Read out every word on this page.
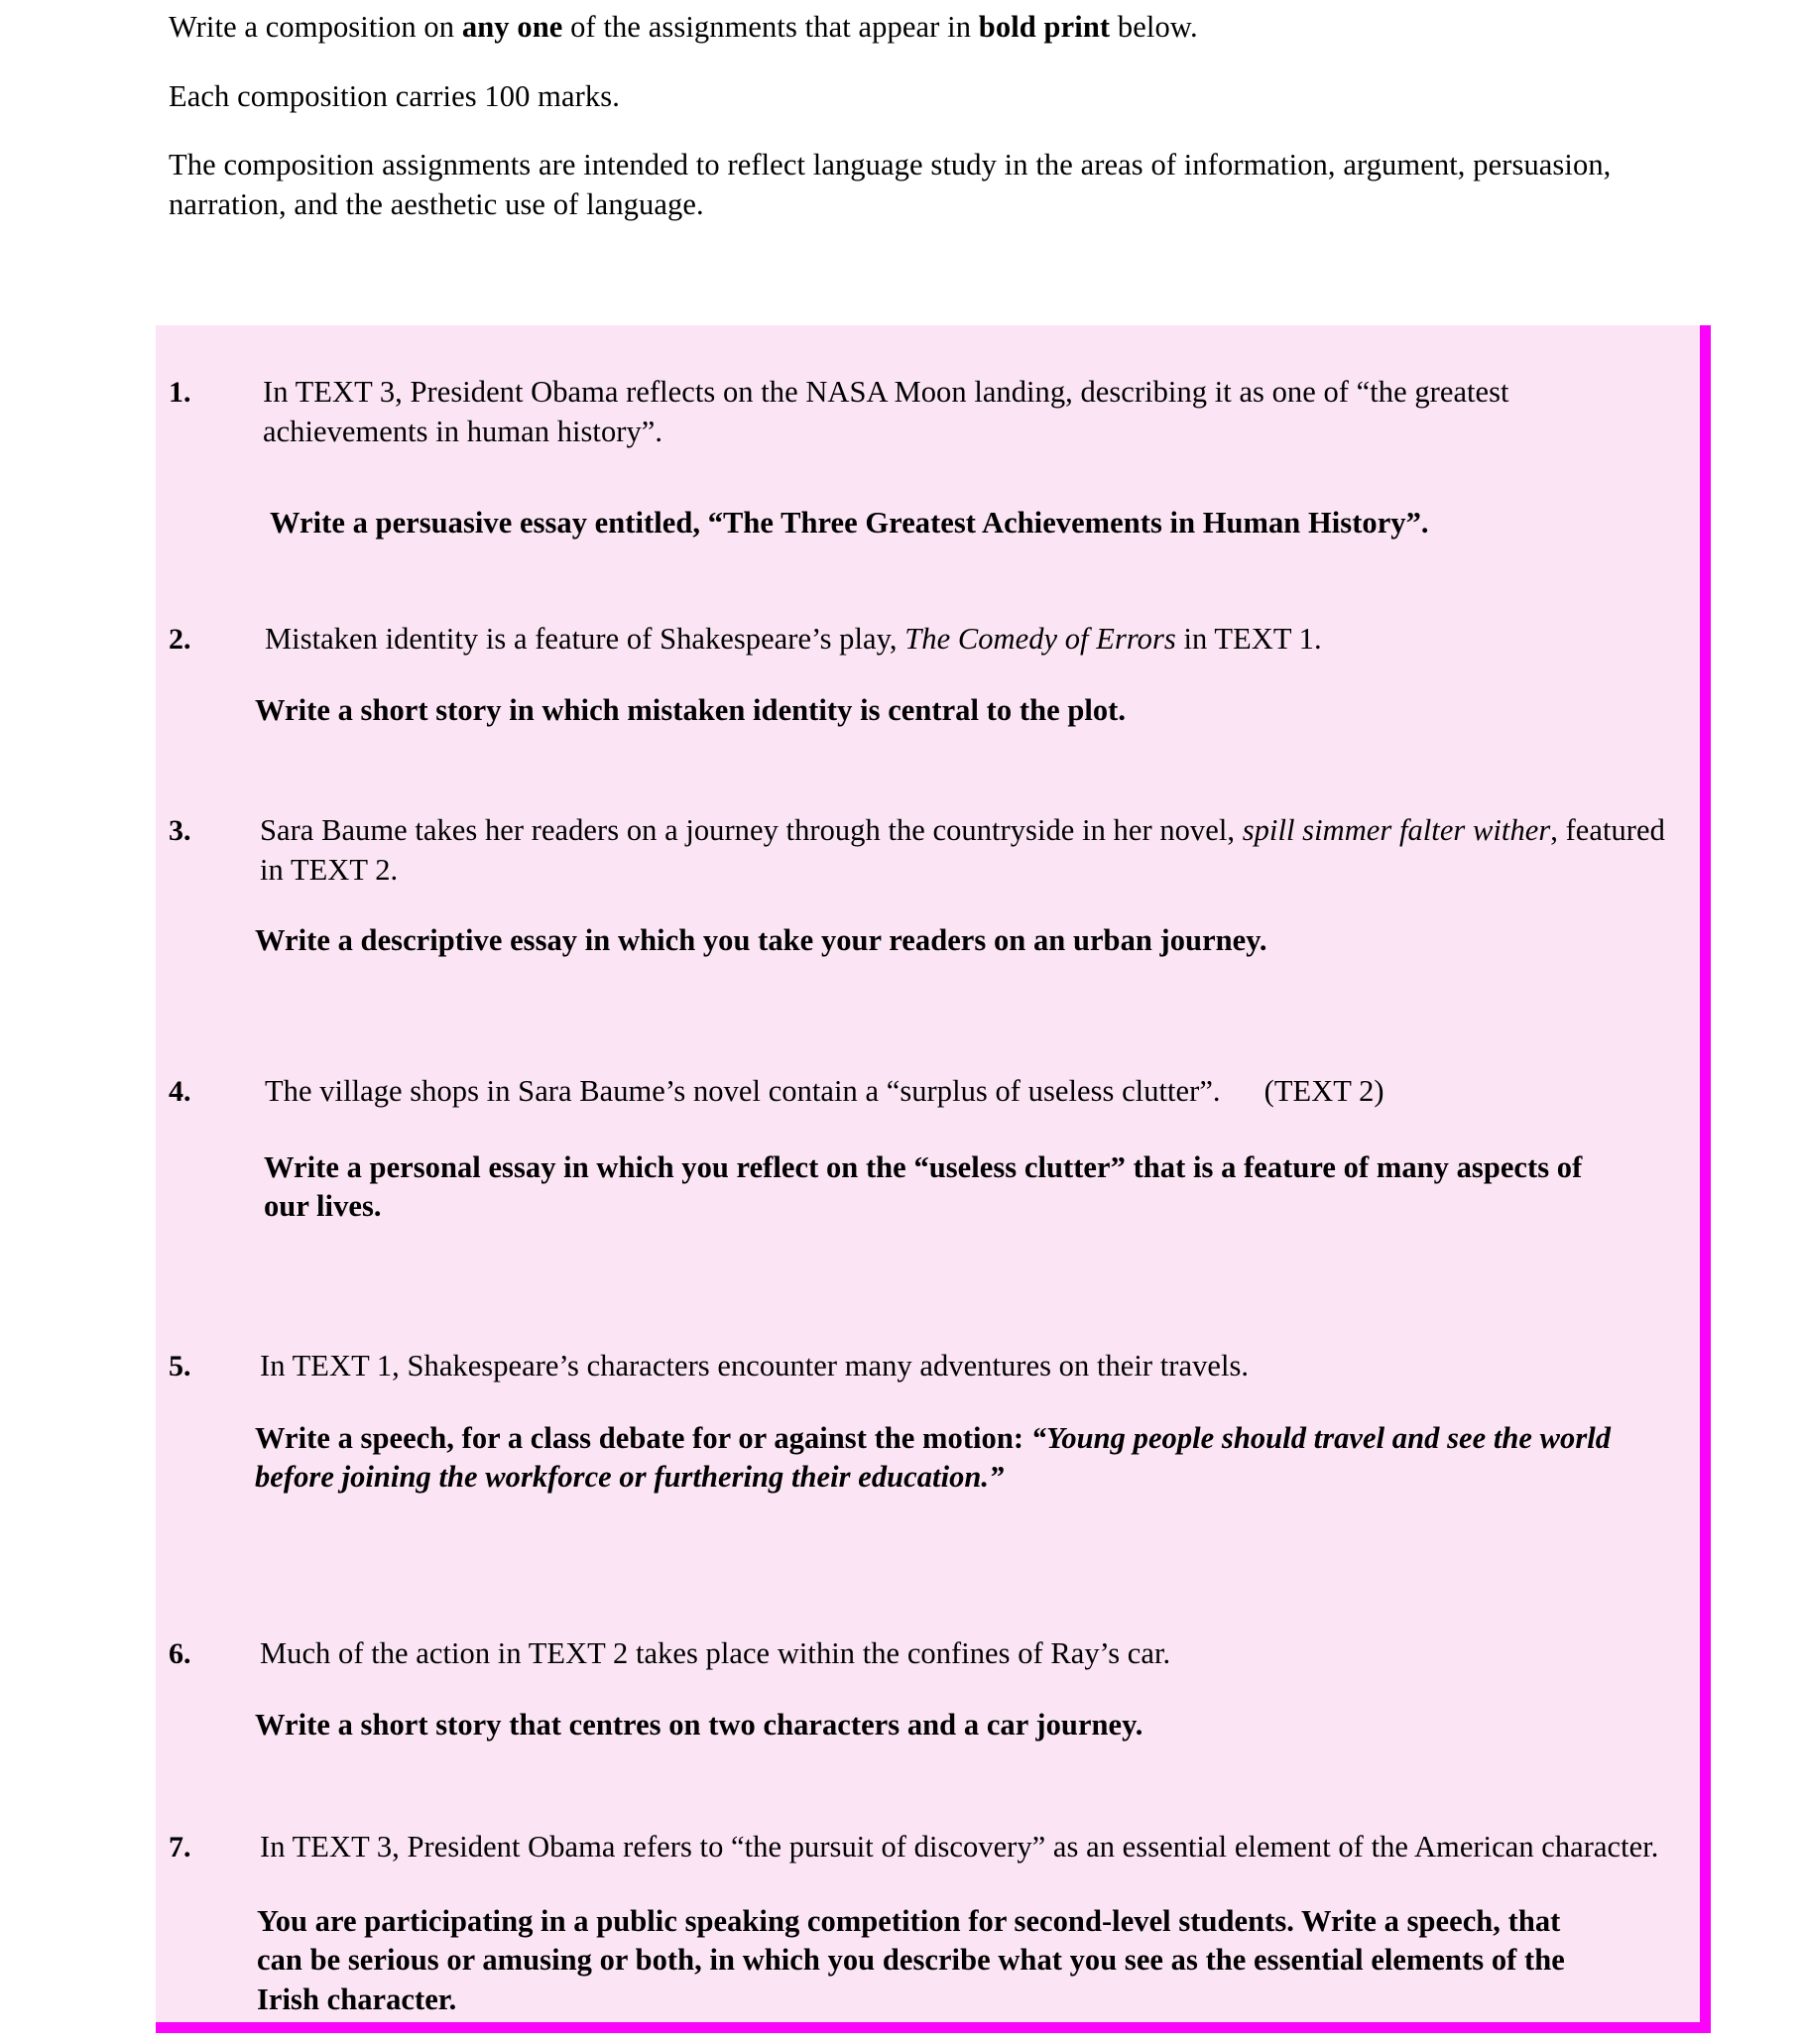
Write a composition on any one of the assignments that appear in bold print below.

Each composition carries 100 marks.

The composition assignments are intended to reflect language study in the areas of information, argument, persuasion, narration, and the aesthetic use of language.

1.	In TEXT 3, President Obama reflects on the NASA Moon landing, describing it as one of “the greatest achievements in human history”.

Write a persuasive essay entitled, “The Three Greatest Achievements in Human History”.

2.	Mistaken identity is a feature of Shakespeare’s play, The Comedy of Errors in TEXT 1.

Write a short story in which mistaken identity is central to the plot.

3.	Sara Baume takes her readers on a journey through the countryside in her novel, spill simmer falter wither, featured in TEXT 2.

Write a descriptive essay in which you take your readers on an urban journey.

4.	The village shops in Sara Baume’s novel contain a “surplus of useless clutter”. (TEXT 2)

Write a personal essay in which you reflect on the “useless clutter” that is a feature of many aspects of our lives.

5.	In TEXT 1, Shakespeare’s characters encounter many adventures on their travels.

Write a speech, for a class debate for or against the motion: “Young people should travel and see the world before joining the workforce or furthering their education.”

6.	Much of the action in TEXT 2 takes place within the confines of Ray’s car.

Write a short story that centres on two characters and a car journey.

7.	In TEXT 3, President Obama refers to “the pursuit of discovery” as an essential element of the American character.

You are participating in a public speaking competition for second-level students. Write a speech, that can be serious or amusing or both, in which you describe what you see as the essential elements of the Irish character.
